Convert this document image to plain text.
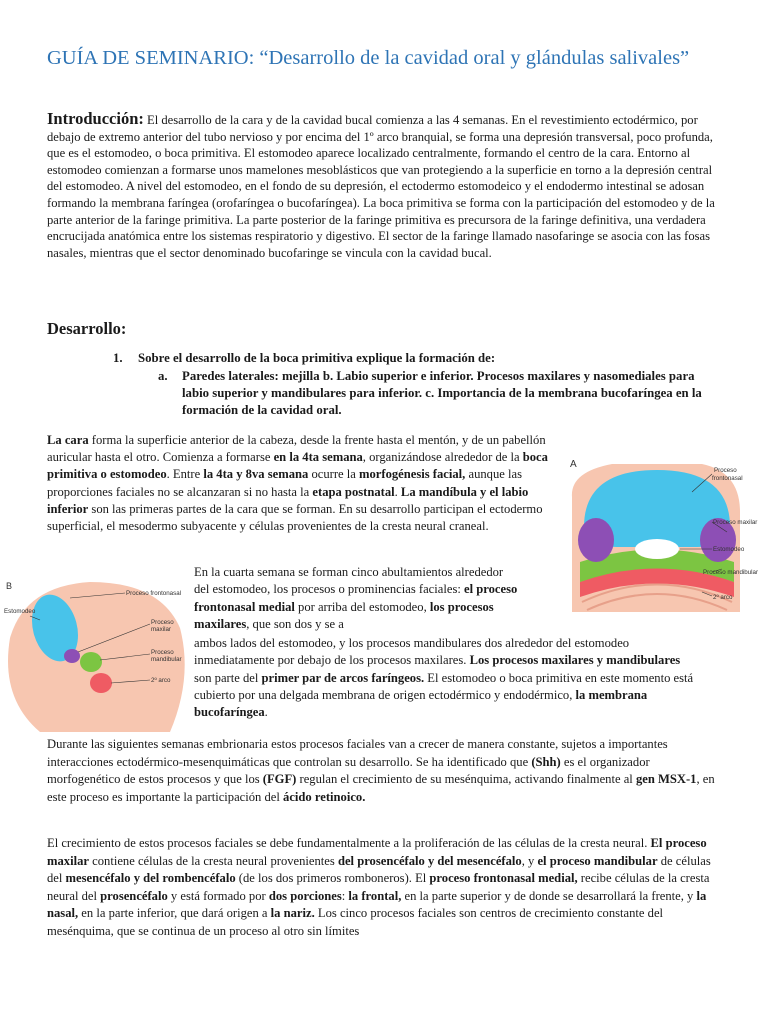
GUÍA DE SEMINARIO: “Desarrollo de la cavidad oral y glándulas salivales”

Introducción: El desarrollo de la cara y de la cavidad bucal comienza a las 4 semanas. En el revestimiento ectodérmico, por debajo de extremo anterior del tubo nervioso y por encima del 1º arco branquial, se forma una depresión transversal, poco profunda, que es el estomodeo, o boca primitiva. El estomodeo aparece localizado centralmente, formando el centro de la cara. Entorno al estomodeo comienzan a formarse unos mamelones mesoblásticos que van protegiendo a la superficie en torno a la depresión central del estomodeo. A nivel del estomodeo, en el fondo de su depresión, el ectodermo estomodeico y el endodermo intestinal se adosan formando la membrana faríngea (orofaríngea o bucofaríngea). La boca primitiva se forma con la participación del estomodeo y de la parte anterior de la faringe primitiva. La parte posterior de la faringe primitiva es precursora de la faringe definitiva, una verdadera encrucijada anatómica entre los sistemas respiratorio y digestivo. El sector de la faringe llamado nasofaringe se asocia con las fosas nasales, mientras que el sector denominado bucofaringe se vincula con la cavidad bucal.

Desarrollo:
1. Sobre el desarrollo de la boca primitiva explique la formación de:
a. Paredes laterales: mejilla b. Labio superior e inferior. Procesos maxilares y nasomediales para labio superior y mandibulares para inferior. c. Importancia de la membrana bucofaríngea en la formación de la cavidad oral.

La cara forma la superficie anterior de la cabeza, desde la frente hasta el mentón, y de un pabellón auricular hasta el otro. Comienza a formarse en la 4ta semana, organizándose alrededor de la boca primitiva o estomodeo. Entre la 4ta y 8va semana ocurre la morfogénesis facial, aunque las proporciones faciales no se alcanzaran si no hasta la etapa postnatal. La mandíbula y el labio inferior son las primeras partes de la cara que se forman. En su desarrollo participan el ectodermo superficial, el mesodermo subyacente y células provenientes de la cresta neural craneal.

A
Proceso
frontonasal
Proceso maxilar
Estomodeo
Proceso mandibular
2º arco
B
Proceso frontonasal
Estomodeo
Proceso
maxilar
Proceso
mandibular
2º arco

En la cuarta semana se forman cinco abultamientos alrededor del estomodeo, los procesos o prominencias faciales: el proceso frontonasal medial por arriba del estomodeo, los procesos maxilares, que son dos y se a

ambos lados del estomodeo, y los procesos mandibulares dos alrededor del estomodeo inmediatamente por debajo de los procesos maxilares. Los procesos maxilares y mandibulares son parte del primer par de arcos faríngeos. El estomodeo o boca primitiva en este momento está cubierto por una delgada membrana de origen ectodérmico y endodérmico, la membrana bucofaríngea.

Durante las siguientes semanas embrionaria estos procesos faciales van a crecer de manera constante, sujetos a importantes interacciones ectodérmico-mesenquimáticas que controlan su desarrollo. Se ha identificado que (Shh) es el organizador morfogenético de estos procesos y que los (FGF) regulan el crecimiento de su mesénquima, activando finalmente al gen MSX-1, en este proceso es importante la participación del ácido retinoico.

El crecimiento de estos procesos faciales se debe fundamentalmente a la proliferación de las células de la cresta neural. El proceso maxilar contiene células de la cresta neural provenientes del prosencéfalo y del mesencéfalo, y el proceso mandibular de células del mesencéfalo y del rombencéfalo (de los dos primeros romboneros). El proceso frontonasal medial, recibe células de la cresta neural del prosencéfalo y está formado por dos porciones: la frontal, en la parte superior y de donde se desarrollará la frente, y la nasal, en la parte inferior, que dará origen a la nariz. Los cinco procesos faciales son centros de crecimiento constante del mesénquima, que se continua de un proceso al otro sin límites
